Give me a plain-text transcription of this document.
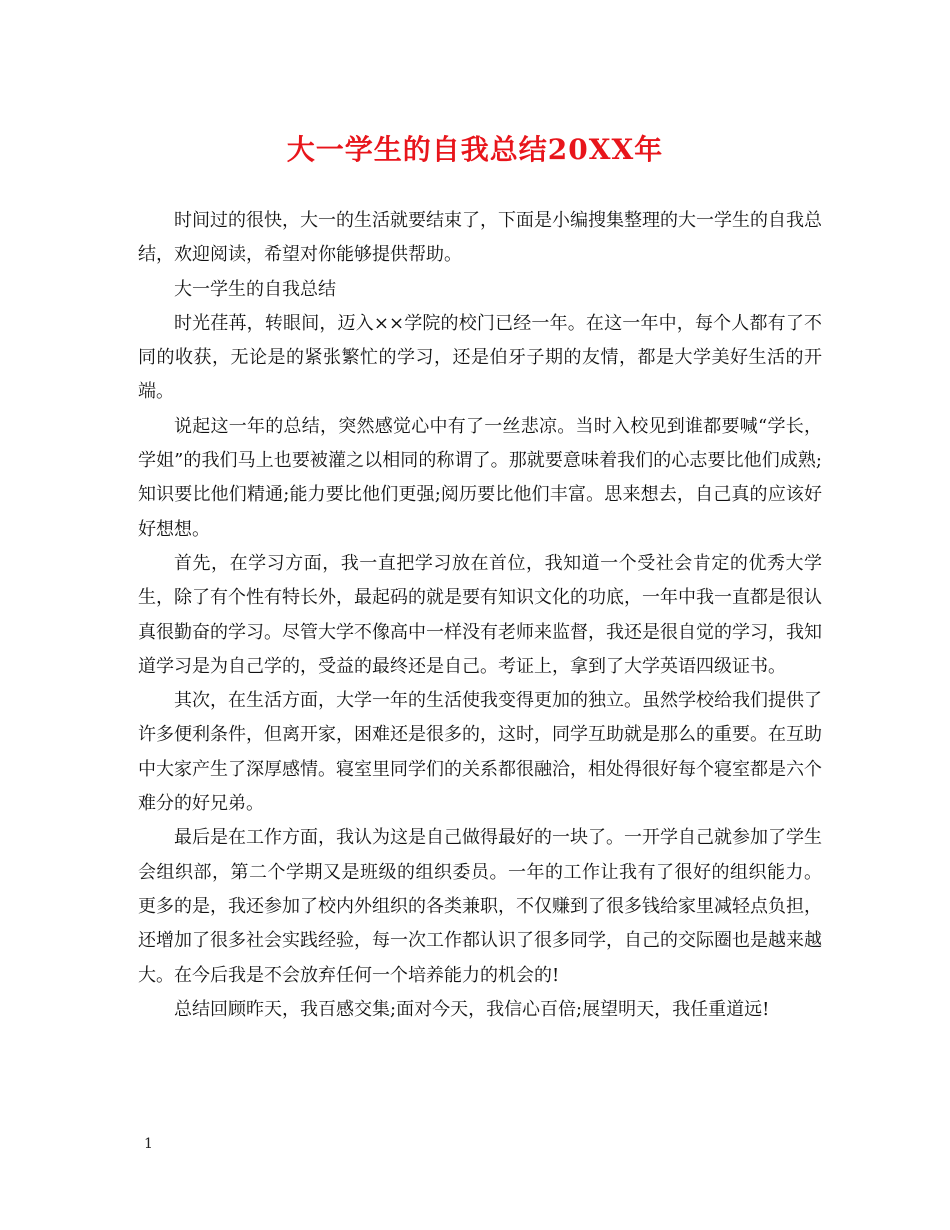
大一学生的自我总结20XX年

时间过的很快，大一的生活就要结束了，下面是小编搜集整理的大一学生的自我总结，欢迎阅读，希望对你能够提供帮助。

大一学生的自我总结

时光荏苒，转眼间，迈入××学院的校门已经一年。在这一年中，每个人都有了不同的收获，无论是的紧张繁忙的学习，还是伯牙子期的友情，都是大学美好生活的开端。

说起这一年的总结，突然感觉心中有了一丝悲凉。当时入校见到谁都要喊“学长，学姐”的我们马上也要被灌之以相同的称谓了。那就要意味着我们的心志要比他们成熟;知识要比他们精通;能力要比他们更强;阅历要比他们丰富。思来想去，自己真的应该好好想想。

首先，在学习方面，我一直把学习放在首位，我知道一个受社会肯定的优秀大学生，除了有个性有特长外，最起码的就是要有知识文化的功底，一年中我一直都是很认真很勤奋的学习。尽管大学不像高中一样没有老师来监督，我还是很自觉的学习，我知道学习是为自己学的，受益的最终还是自己。考证上，拿到了大学英语四级证书。

其次，在生活方面，大学一年的生活使我变得更加的独立。虽然学校给我们提供了许多便利条件，但离开家，困难还是很多的，这时，同学互助就是那么的重要。在互助中大家产生了深厚感情。寝室里同学们的关系都很融洽，相处得很好每个寝室都是六个难分的好兄弟。

最后是在工作方面，我认为这是自己做得最好的一块了。一开学自己就参加了学生会组织部，第二个学期又是班级的组织委员。一年的工作让我有了很好的组织能力。 更多的是，我还参加了校内外组织的各类兼职，不仅赚到了很多钱给家里减轻点负担，还增加了很多社会实践经验，每一次工作都认识了很多同学，自己的交际圈也是越来越大。在今后我是不会放弃任何一个培养能力的机会的!

总结回顾昨天，我百感交集;面对今天，我信心百倍;展望明天，我任重道远!

1
